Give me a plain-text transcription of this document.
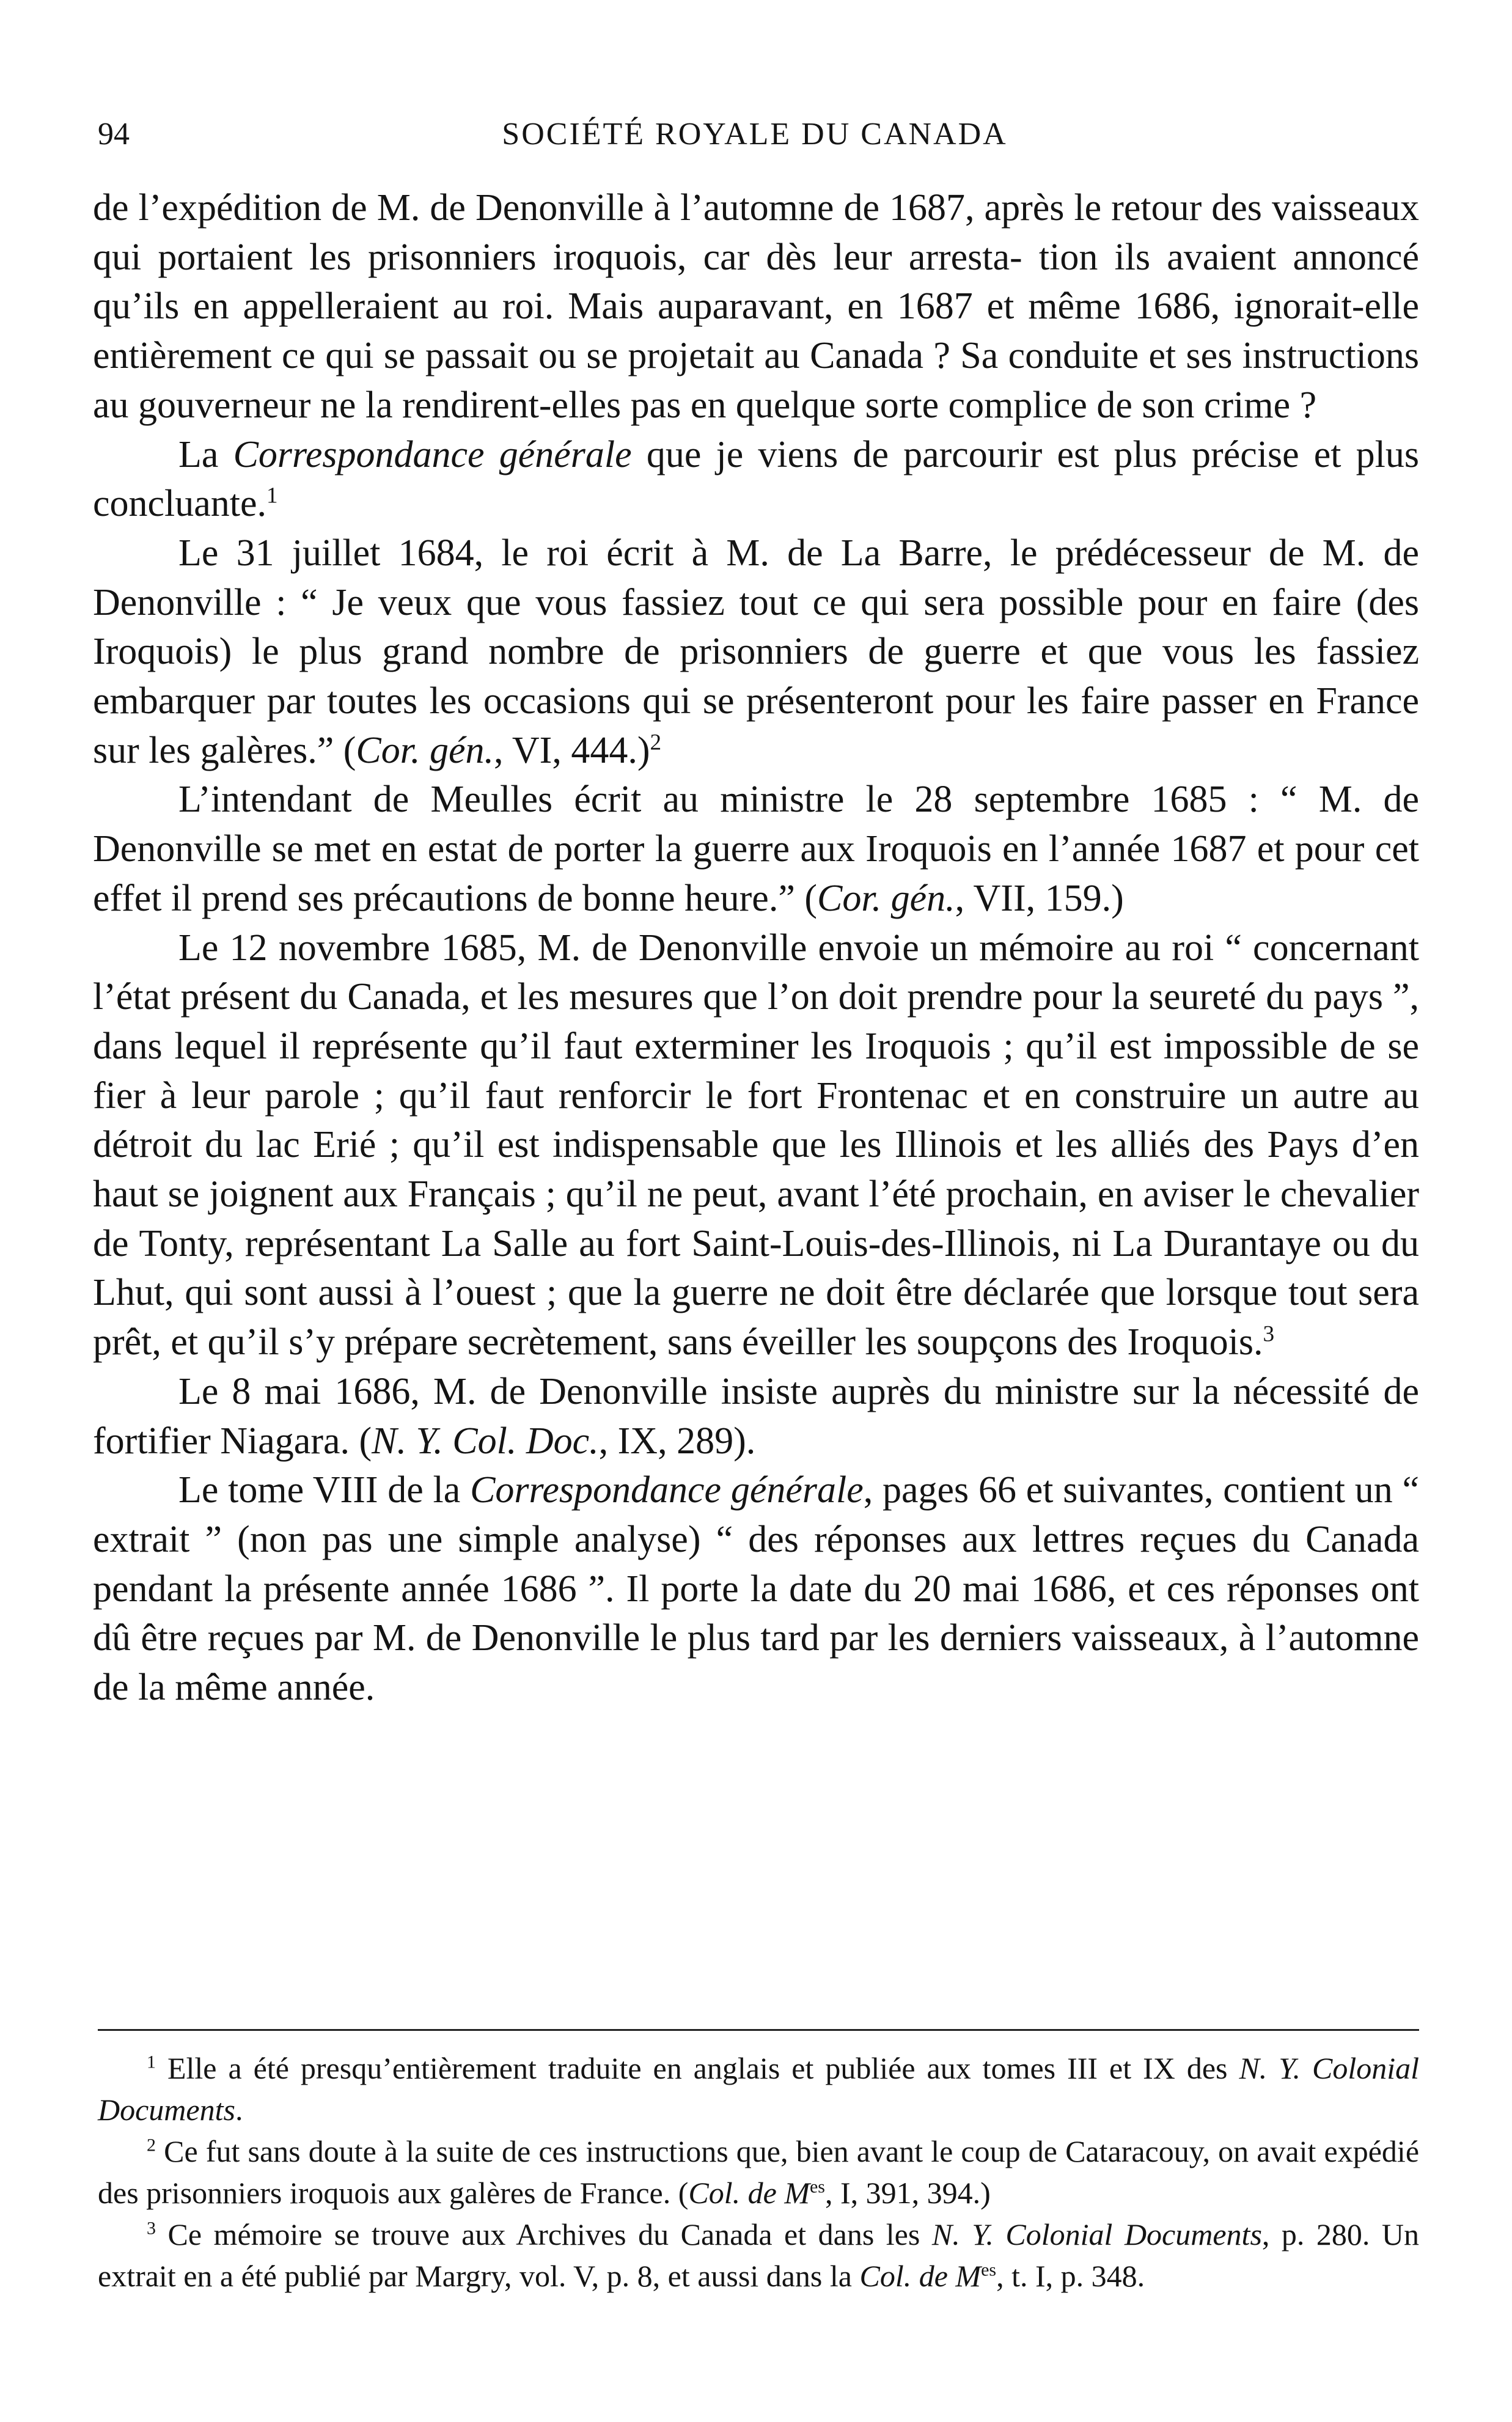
94	SOCIÉTÉ ROYALE DU CANADA

de l’expédition de M. de Denonville à l’automne de 1687, après le retour des vaisseaux qui portaient les prisonniers iroquois, car dès leur arresta- tion ils avaient annoncé qu’ils en appelleraient au roi. Mais auparavant, en 1687 et même 1686, ignorait-elle entièrement ce qui se passait ou se projetait au Canada ? Sa conduite et ses instructions au gouverneur ne la rendirent-elles pas en quelque sorte complice de son crime ?

La Correspondance générale que je viens de parcourir est plus précise et plus concluante.$^1$

Le 31 juillet 1684, le roi écrit à M. de La Barre, le prédécesseur de M. de Denonville : “ Je veux que vous fassiez tout ce qui sera possible pour en faire (des Iroquois) le plus grand nombre de prisonniers de guerre et que vous les fassiez embarquer par toutes les occasions qui se présenteront pour les faire passer en France sur les galères.” (Cor. gén., VI, 444.)$^2$

L’intendant de Meulles écrit au ministre le 28 septembre 1685 : “ M. de Denonville se met en estat de porter la guerre aux Iroquois en l’année 1687 et pour cet effet il prend ses précautions de bonne heure.” (Cor. gén., VII, 159.)

Le 12 novembre 1685, M. de Denonville envoie un mémoire au roi “ concernant l’état présent du Canada, et les mesures que l’on doit prendre pour la seureté du pays ”, dans lequel il représente qu’il faut exterminer les Iroquois ; qu’il est impossible de se fier à leur parole ; qu’il faut renforcir le fort Frontenac et en construire un autre au détroit du lac Erié ; qu’il est indispensable que les Illinois et les alliés des Pays d’en haut se joignent aux Français ; qu’il ne peut, avant l’été prochain, en aviser le chevalier de Tonty, représentant La Salle au fort Saint-Louis-des-Illinois, ni La Durantaye ou du Lhut, qui sont aussi à l’ouest ; que la guerre ne doit être déclarée que lorsque tout sera prêt, et qu’il s’y prépare secrètement, sans éveiller les soupçons des Iroquois.$^3$

Le 8 mai 1686, M. de Denonville insiste auprès du ministre sur la nécessité de fortifier Niagara. (N. Y. Col. Doc., IX, 289).

Le tome VIII de la Correspondance générale, pages 66 et suivantes, contient un “ extrait ” (non pas une simple analyse) “ des réponses aux lettres reçues du Canada pendant la présente année 1686 ”. Il porte la date du 20 mai 1686, et ces réponses ont dû être reçues par M. de Denonville le plus tard par les derniers vaisseaux, à l’automne de la même année.

$^1$ Elle a été presqu’entièrement traduite en anglais et publiée aux tomes III et IX des N. Y. Colonial Documents.

$^2$ Ce fut sans doute à la suite de ces instructions que, bien avant le coup de Cataracouy, on avait expédié des prisonniers iroquois aux galères de France. (Col. de $M^{es}$, I, 391, 394.)

$^3$ Ce mémoire se trouve aux Archives du Canada et dans les N. Y. Colonial Documents, p. 280. Un extrait en a été publié par Margry, vol. V, p. 8, et aussi dans la Col. de $M^{es}$, t. I, p. 348.
